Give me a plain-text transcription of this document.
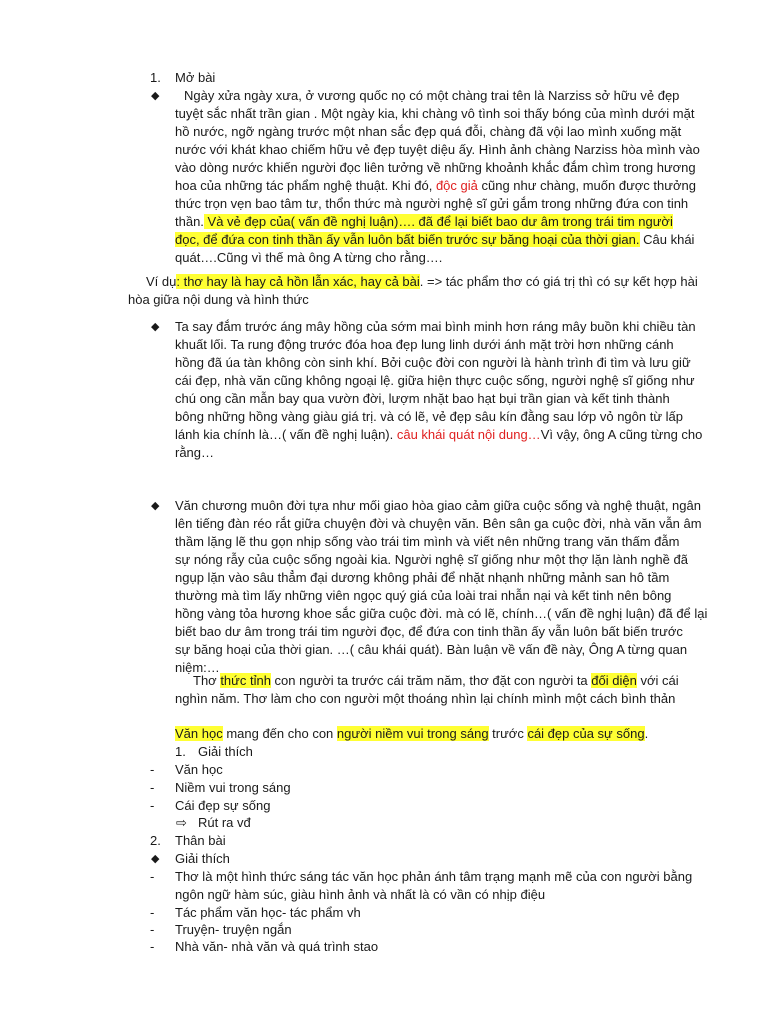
1. Mở bài
◆	Ngày xửa ngày xưa, ở vương quốc nọ có một chàng trai tên là Narziss sở hữu vẻ đẹp
tuyệt sắc nhất trần gian . Một ngày kia, khi chàng vô tình soi thấy bóng của mình dưới mặt
hồ nước, ngỡ ngàng trước một nhan sắc đẹp quá đỗi, chàng đã vội lao mình xuống mặt
nước với khát khao chiếm hữu vẻ đẹp tuyệt diệu ấy. Hình ảnh chàng Narziss hòa mình vào
vào dòng nước khiến người đọc liên tưởng về những khoảnh khắc đắm chìm trong hương
hoa của những tác phẩm nghệ thuật. Khi đó, độc giả cũng như chàng, muốn được thưởng
thức trọn vẹn bao tâm tư, thổn thức mà người nghệ sĩ gửi gắm trong những đứa con tinh
thần. Và vẻ đẹp của( vấn đề nghị luận)…. đã để lại biết bao dư âm trong trái tim người
đọc, để đứa con tinh thần ấy vẫn luôn bất biến trước sự băng hoại của thời gian. Câu khái
quát….Cũng vì thế mà ông A từng cho rằng….
Ví dụ: thơ hay là hay cả hồn lẫn xác, hay cả bài. => tác phẩm thơ có giá trị thì có sự kết hợp hài
hòa giữa nội dung và hình thức
◆	Ta say đắm trước áng mây hồng của sớm mai bình minh hơn ráng mây buồn khi chiều tàn
khuất lối. Ta rung động trước đóa hoa đẹp lung linh dưới ánh mặt trời hơn những cánh
hồng đã úa tàn không còn sinh khí. Bởi cuộc đời con người là hành trình đi tìm và lưu giữ
cái đẹp, nhà văn cũng không ngoại lệ. giữa hiện thực cuộc sống, người nghệ sĩ giống như
chú ong cần mẫn bay qua vườn đời, lượm nhặt bao hạt bụi trần gian và kết tinh thành
bông những hồng vàng giàu giá trị. và có lẽ, vẻ đẹp sâu kín đằng sau lớp vỏ ngôn từ lấp
lánh kia chính là…( vấn đề nghị luận). câu khái quát nội dung…Vì vậy, ông A cũng từng cho
rằng…
◆	Văn chương muôn đời tựa như mối giao hòa giao cảm giữa cuộc sống và nghệ thuật, ngân
lên tiếng đàn réo rắt giữa chuyện đời và chuyện văn. Bên sân ga cuộc đời, nhà văn vẫn âm
thầm lặng lẽ thu gọn nhịp sống vào trái tim mình và viết nên những trang văn thấm đẫm
sự nóng rẫy của cuộc sống ngoài kia. Người nghệ sĩ giống như một thợ lặn lành nghề đã
ngụp lặn vào sâu thẳm đại dương không phải để nhặt nhạnh những mảnh san hô tầm
thường mà tìm lấy những viên ngọc quý giá của loài trai nhẫn nại và kết tinh nên bông
hồng vàng tỏa hương khoe sắc giữa cuộc đời. mà có lẽ, chính…( vấn đề nghị luận) đã để lại
biết bao dư âm trong trái tim người đọc, để đứa con tinh thần ấy vẫn luôn bất biến trước
sự băng hoại của thời gian. …( câu khái quát). Bàn luận về vấn đề này, Ông A từng quan
niệm:…
Thơ thức tỉnh con người ta trước cái trăm năm, thơ đặt con người ta đối diện với cái
nghìn năm. Thơ làm cho con người một thoáng nhìn lại chính mình một cách bình thản
Văn học mang đến cho con người niềm vui trong sáng trước cái đẹp của sự sống.
1. Giải thích
- Văn học
- Niềm vui trong sáng
- Cái đẹp sự sống
⇨ Rút ra vđ
2. Thân bài
◆	Giải thích
- Thơ là một hình thức sáng tác văn học phản ánh tâm trạng mạnh mẽ của con người bằng
ngôn ngữ hàm súc, giàu hình ảnh và nhất là có vần có nhịp điệu
- Tác phẩm văn học- tác phẩm vh
- Truyện- truyện ngắn
- Nhà văn- nhà văn và quá trình stao
